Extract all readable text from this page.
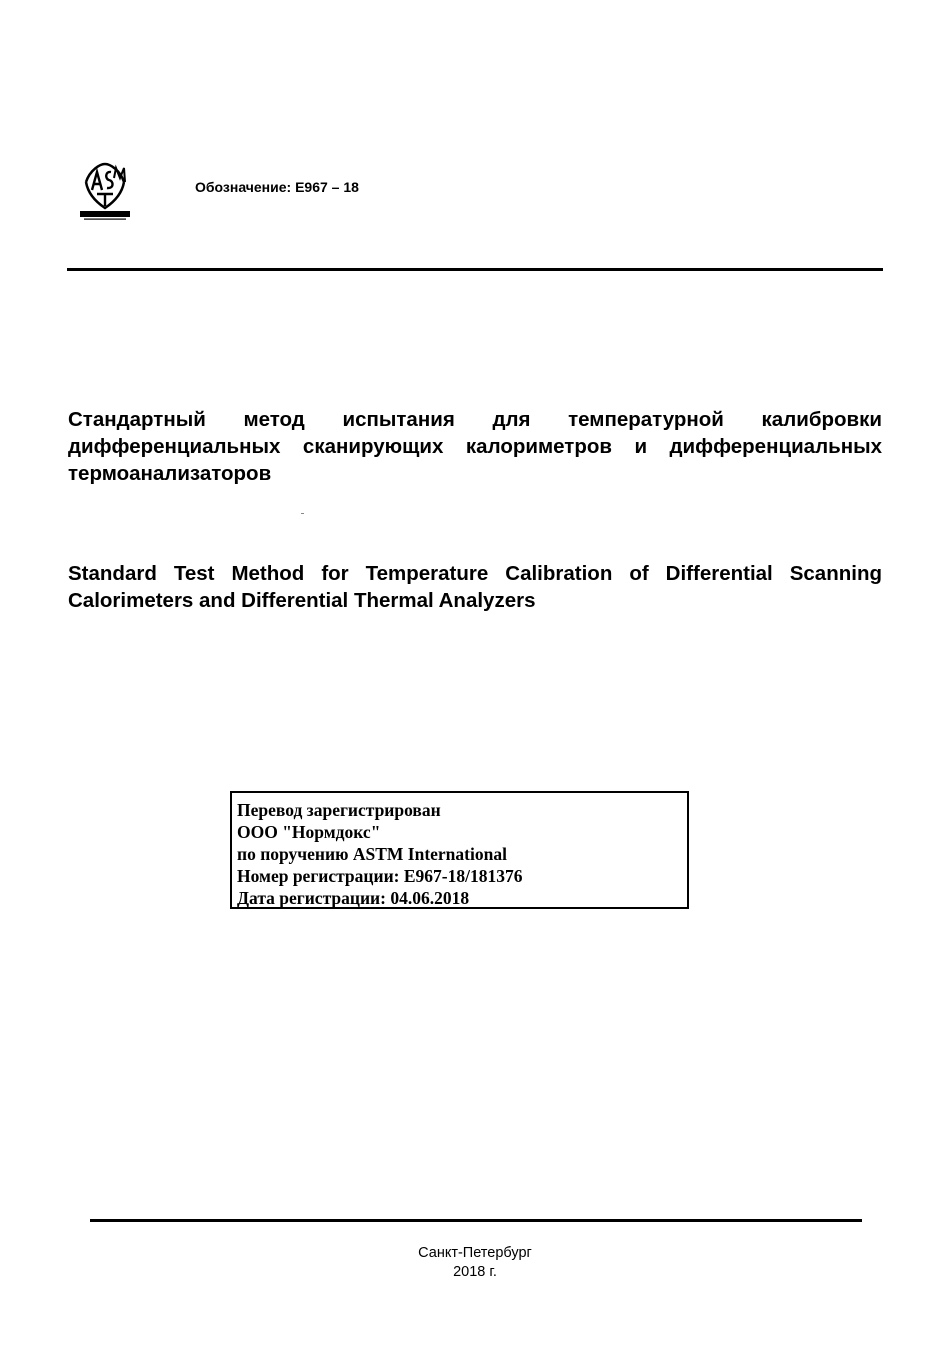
Обозначение: E967 – 18
Стандартный метод испытания для температурной калибровки дифференциальных сканирующих калориметров и дифференциальных термоанализаторов
Standard Test Method for Temperature Calibration of Differential Scanning Calorimeters and Differential Thermal Analyzers
Перевод зарегистрирован
ООО "Нормдокс"
по поручению ASTM International
Номер регистрации: E967-18/181376
Дата регистрации: 04.06.2018
Санкт-Петербург
2018 г.
